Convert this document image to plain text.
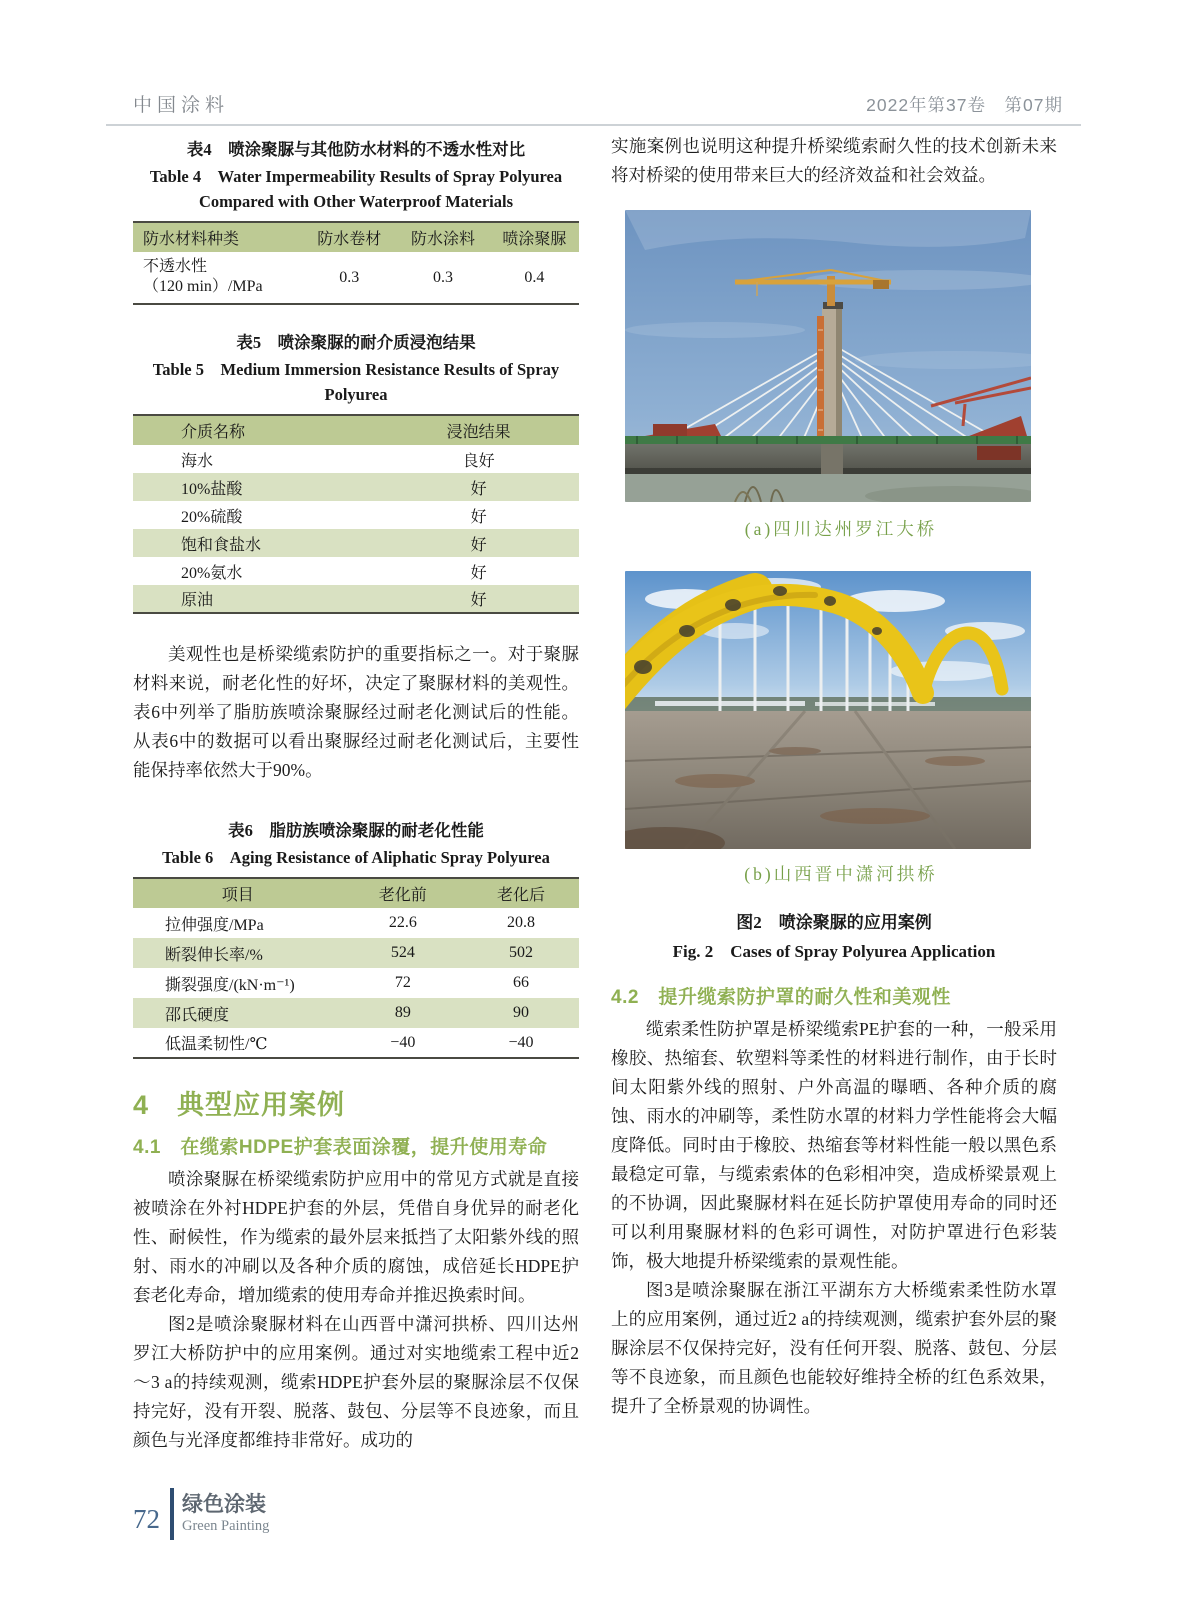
中国涂料	2022年第37卷　第07期
表4　喷涂聚脲与其他防水材料的不透水性对比
Table 4　Water Impermeability Results of Spray Polyurea Compared with Other Waterproof Materials
防水材料种类	防水卷材	防水涂料	喷涂聚脲
不透水性
（120 min）/MPa	0.3	0.3	0.4
表5　喷涂聚脲的耐介质浸泡结果
Table 5　Medium Immersion Resistance Results of Spray Polyurea
介质名称	浸泡结果
海水	良好
10%盐酸	好
20%硫酸	好
饱和食盐水	好
20%氨水	好
原油	好

美观性也是桥梁缆索防护的重要指标之一。对于聚脲材料来说，耐老化性的好坏，决定了聚脲材料的美观性。表6中列举了脂肪族喷涂聚脲经过耐老化测试后的性能。从表6中的数据可以看出聚脲经过耐老化测试后，主要性能保持率依然大于90%。

表6　脂肪族喷涂聚脲的耐老化性能
Table 6　Aging Resistance of Aliphatic Spray Polyurea
项目	老化前	老化后
拉伸强度/MPa	22.6	20.8
断裂伸长率/%	524	502
撕裂强度/(kN·m⁻¹)	72	66
邵氏硬度	89	90
低温柔韧性/℃	−40	−40
4　典型应用案例
4.1　在缆索HDPE护套表面涂覆，提升使用寿命

喷涂聚脲在桥梁缆索防护应用中的常见方式就是直接被喷涂在外衬HDPE护套的外层，凭借自身优异的耐老化性、耐候性，作为缆索的最外层来抵挡了太阳紫外线的照射、雨水的冲刷以及各种介质的腐蚀，成倍延长HDPE护套老化寿命，增加缆索的使用寿命并推迟换索时间。

图2是喷涂聚脲材料在山西晋中潇河拱桥、四川达州罗江大桥防护中的应用案例。通过对实地缆索工程中近2～3 a的持续观测，缆索HDPE护套外层的聚脲涂层不仅保持完好，没有开裂、脱落、鼓包、分层等不良迹象，而且颜色与光泽度都维持非常好。成功的

实施案例也说明这种提升桥梁缆索耐久性的技术创新未来将对桥梁的使用带来巨大的经济效益和社会效益。

(a)四川达州罗江大桥
(b)山西晋中潇河拱桥
图2　喷涂聚脲的应用案例
Fig. 2　Cases of Spray Polyurea Application
4.2　提升缆索防护罩的耐久性和美观性

缆索柔性防护罩是桥梁缆索PE护套的一种，一般采用橡胶、热缩套、软塑料等柔性的材料进行制作，由于长时间太阳紫外线的照射、户外高温的曝晒、各种介质的腐蚀、雨水的冲刷等，柔性防水罩的材料力学性能将会大幅度降低。同时由于橡胶、热缩套等材料性能一般以黑色系最稳定可靠，与缆索索体的色彩相冲突，造成桥梁景观上的不协调，因此聚脲材料在延长防护罩使用寿命的同时还可以利用聚脲材料的色彩可调性，对防护罩进行色彩装饰，极大地提升桥梁缆索的景观性能。

图3是喷涂聚脲在浙江平湖东方大桥缆索柔性防水罩上的应用案例，通过近2 a的持续观测，缆索护套外层的聚脲涂层不仅保持完好，没有任何开裂、脱落、鼓包、分层等不良迹象，而且颜色也能较好维持全桥的红色系效果，提升了全桥景观的协调性。

72 绿色涂装
Green Painting
